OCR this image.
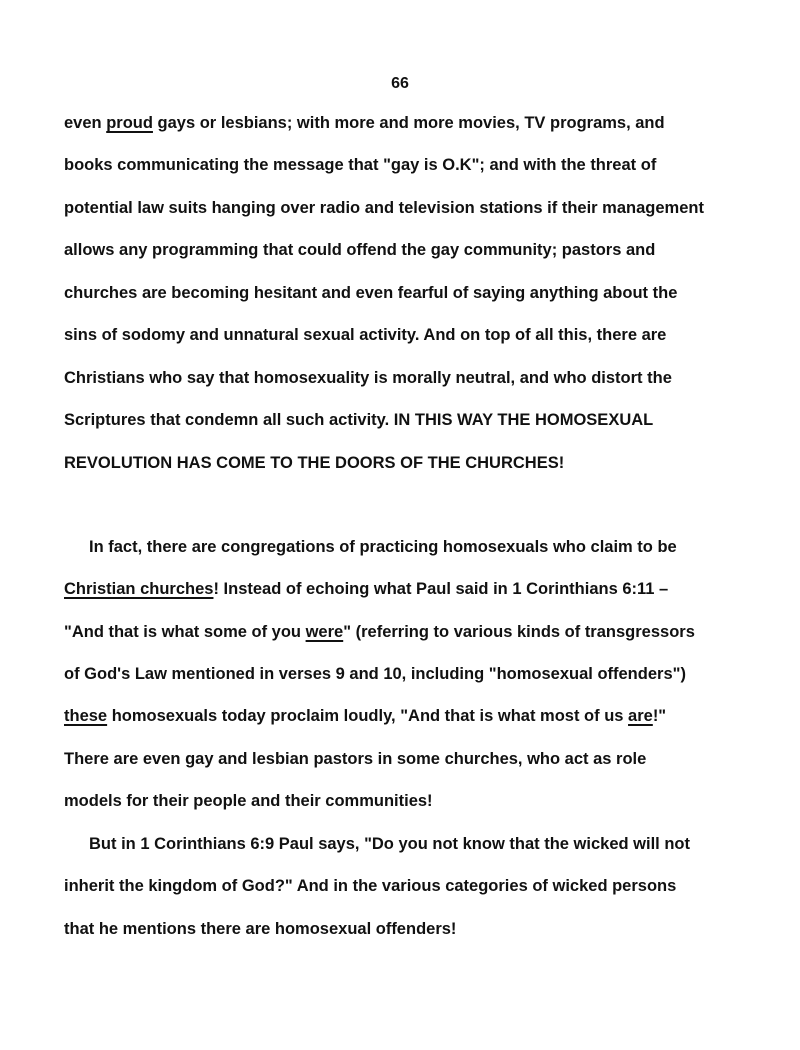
66
even proud gays or lesbians; with more and more movies, TV programs, and
books communicating the message that "gay is O.K"; and with the threat of
potential law suits hanging over radio and television stations if their management
allows any programming that could offend the gay community; pastors and
churches are becoming hesitant and even fearful of saying anything about the
sins of sodomy and unnatural sexual activity. And on top of all this, there are
Christians who say that homosexuality is morally neutral, and who distort the
Scriptures that condemn all such activity. IN THIS WAY THE HOMOSEXUAL
REVOLUTION HAS COME TO THE DOORS OF THE CHURCHES!
In fact, there are congregations of practicing homosexuals who claim to be
Christian churches! Instead of echoing what Paul said in 1 Corinthians 6:11 –
"And that is what some of you were" (referring to various kinds of transgressors
of God's Law mentioned in verses 9 and 10, including "homosexual offenders")
these homosexuals today proclaim loudly, "And that is what most of us are!"
There are even gay and lesbian pastors in some churches, who act as role
models for their people and their communities!
But in 1 Corinthians 6:9 Paul says, "Do you not know that the wicked will not
inherit the kingdom of God?" And in the various categories of wicked persons
that he mentions there are homosexual offenders!
